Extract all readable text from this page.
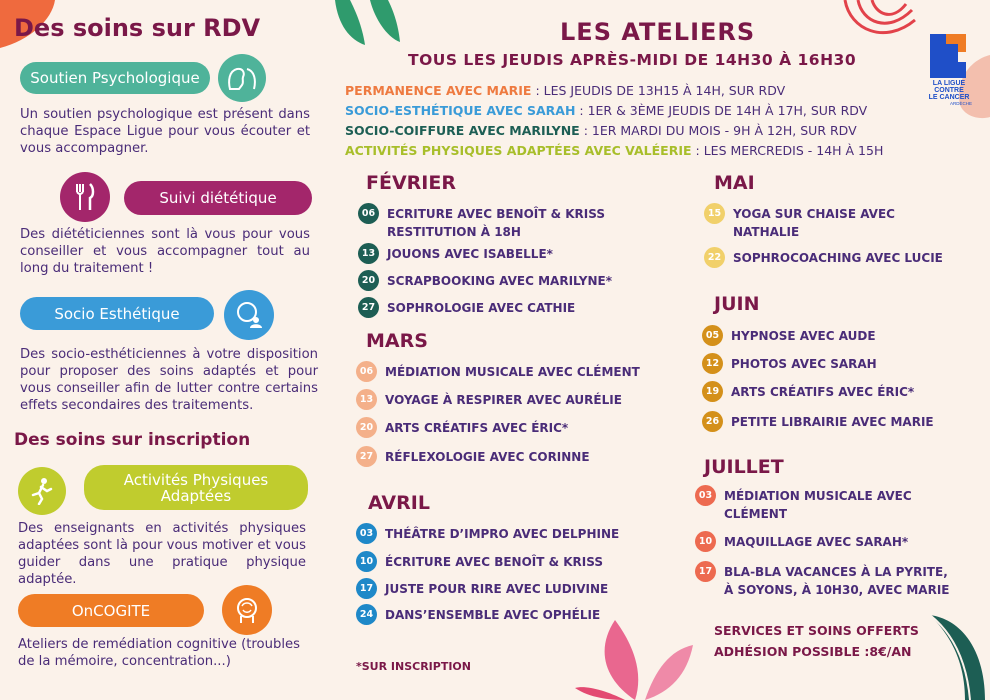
Des soins sur RDV
Soutien Psychologique
Un soutien psychologique est présent dans chaque Espace Ligue pour vous écouter et vous accompagner.
Suivi diététique
Des diététiciennes sont là vous pour vous conseiller et vous accompagner tout au long du traitement !
Socio Esthétique
Des socio-esthéticiennes à votre disposition pour proposer des soins adaptés et pour vous conseiller afin de lutter contre certains effets secondaires des traitements.
Des soins sur inscription
Activités Physiques Adaptées
Des enseignants en activités physiques adaptées sont là pour vous motiver et vous guider dans une pratique physique adaptée.
OnCOGITE
Ateliers de remédiation cognitive (troubles de la mémoire, concentration...)
LES ATELIERS
TOUS LES JEUDIS APRÈS-MIDI DE 14H30 À 16H30
LA LIGUE
CONTRE
LE CANCER
ARDÈCHE
PERMANENCE AVEC MARIE : LES JEUDIS DE 13H15 À 14H, SUR RDV
SOCIO-ESTHÉTIQUE AVEC SARAH : 1ER & 3ÈME JEUDIS DE 14H À 17H, SUR RDV
SOCIO-COIFFURE AVEC MARILYNE : 1ER MARDI DU MOIS - 9H À 12H, SUR RDV
ACTIVITÉS PHYSIQUES ADAPTÉES AVEC VALÉERIE : LES MERCREDIS - 14H À 15H
FÉVRIER
06 ECRITURE AVEC BENOÎT & KRISS
RESTITUTION À 18H
13 JOUONS AVEC ISABELLE*
20 SCRAPBOOKING AVEC MARILYNE*
27 SOPHROLOGIE AVEC CATHIE
MARS
06 MÉDIATION MUSICALE AVEC CLÉMENT
13 VOYAGE À RESPIRER AVEC AURÉLIE
20 ARTS CRÉATIFS AVEC ÉRIC*
27 RÉFLEXOLOGIE AVEC CORINNE
AVRIL
03 THÉÂTRE D’IMPRO AVEC DELPHINE
10 ÉCRITURE AVEC BENOÎT & KRISS
17 JUSTE POUR RIRE AVEC LUDIVINE
24 DANS’ENSEMBLE AVEC OPHÉLIE
*SUR INSCRIPTION
MAI
15 YOGA SUR CHAISE AVEC
NATHALIE
22 SOPHROCOACHING AVEC LUCIE
JUIN
05 HYPNOSE AVEC AUDE
12 PHOTOS AVEC SARAH
19 ARTS CRÉATIFS AVEC ÉRIC*
26 PETITE LIBRAIRIE AVEC MARIE
JUILLET
03 MÉDIATION MUSICALE AVEC
CLÉMENT
10 MAQUILLAGE AVEC SARAH*
17 BLA-BLA VACANCES À LA PYRITE,
À SOYONS, À 10H30, AVEC MARIE
SERVICES ET SOINS OFFERTS
ADHÉSION POSSIBLE :8€/AN
